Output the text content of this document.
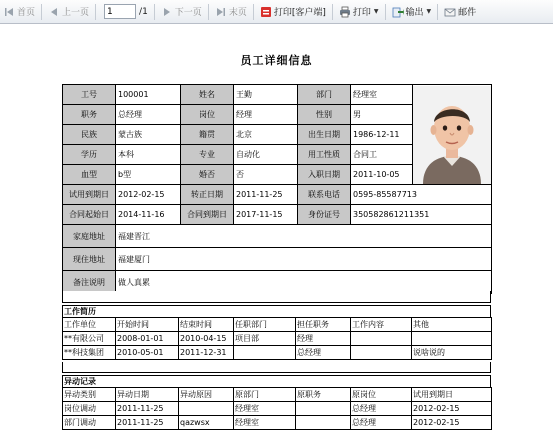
首页	上一页
1	/1	下一页	末页	打印[客户端]	打印 ▼	输出 ▼	邮件
员工详细信息
工号	100001	姓名	王勤	部门	经理室	

职务	总经理	岗位	经理	性别	男	
民族	蒙古族	籍贯	北京	出生日期	1986-12-11	
学历	本科	专业	自动化	用工性质	合同工	
血型	b型	婚否	否	入职日期	2011-10-05	
试用到期日	2012-02-15	转正日期	2011-11-25	联系电话	0595-85587713	
合同起始日	2014-11-16	合同到期日	2017-11-15	身份证号	350582861211351	
家庭地址	福建晋江					
现住地址	福建厦门					
备注说明	做人真累					
工作简历
工作单位	开始时间	结束时间	任职部门	担任职务	工作内容	其他
**有限公司	2008-01-01	2010-04-15	项目部	经理		
**科技集团	2010-05-01	2011-12-31		总经理		说啥说的
异动记录
异动类别	异动日期	异动原因	原部门	原职务	原岗位	试用到期日
岗位调动	2011-11-25		经理室		总经理	2012-02-15
部门调动	2011-11-25	qazwsx	经理室		总经理	2012-02-15
